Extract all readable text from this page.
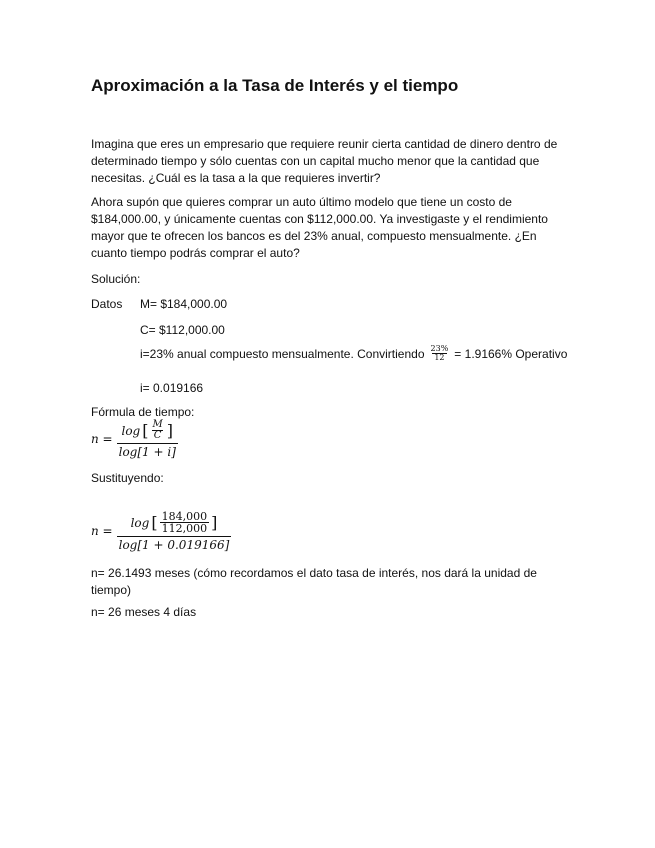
Aproximación a la Tasa de Interés y el tiempo

Imagina que eres un empresario que requiere reunir cierta cantidad de dinero dentro de determinado tiempo y sólo cuentas con un capital mucho menor que la cantidad que necesitas. ¿Cuál es la tasa a la que requieres invertir?

Ahora supón que quieres comprar un auto último modelo que tiene un costo de $184,000.00, y únicamente cuentas con $112,000.00. Ya investigaste y el rendimiento mayor que te ofrecen los bancos es del 23% anual, compuesto mensualmente. ¿En cuanto tiempo podrás comprar el auto?

Solución:
Datos M= $184,000.00
C= $112,000.00
i=23% anual compuesto mensualmente. Convirtiendo $\frac{23\%}{12} = 1.9166\%$ Operativo
i= 0.019166
Fórmula de tiempo:
n =
log [ $\frac{M}{C}$ ]
log[1 + i]
Sustituyendo:
n =
log [ $\frac{184,000}{112,000}$ ]
log[1 + 0.019166]

n= 26.1493 meses (cómo recordamos el dato tasa de interés, nos dará la unidad de tiempo)

n= 26 meses 4 días
